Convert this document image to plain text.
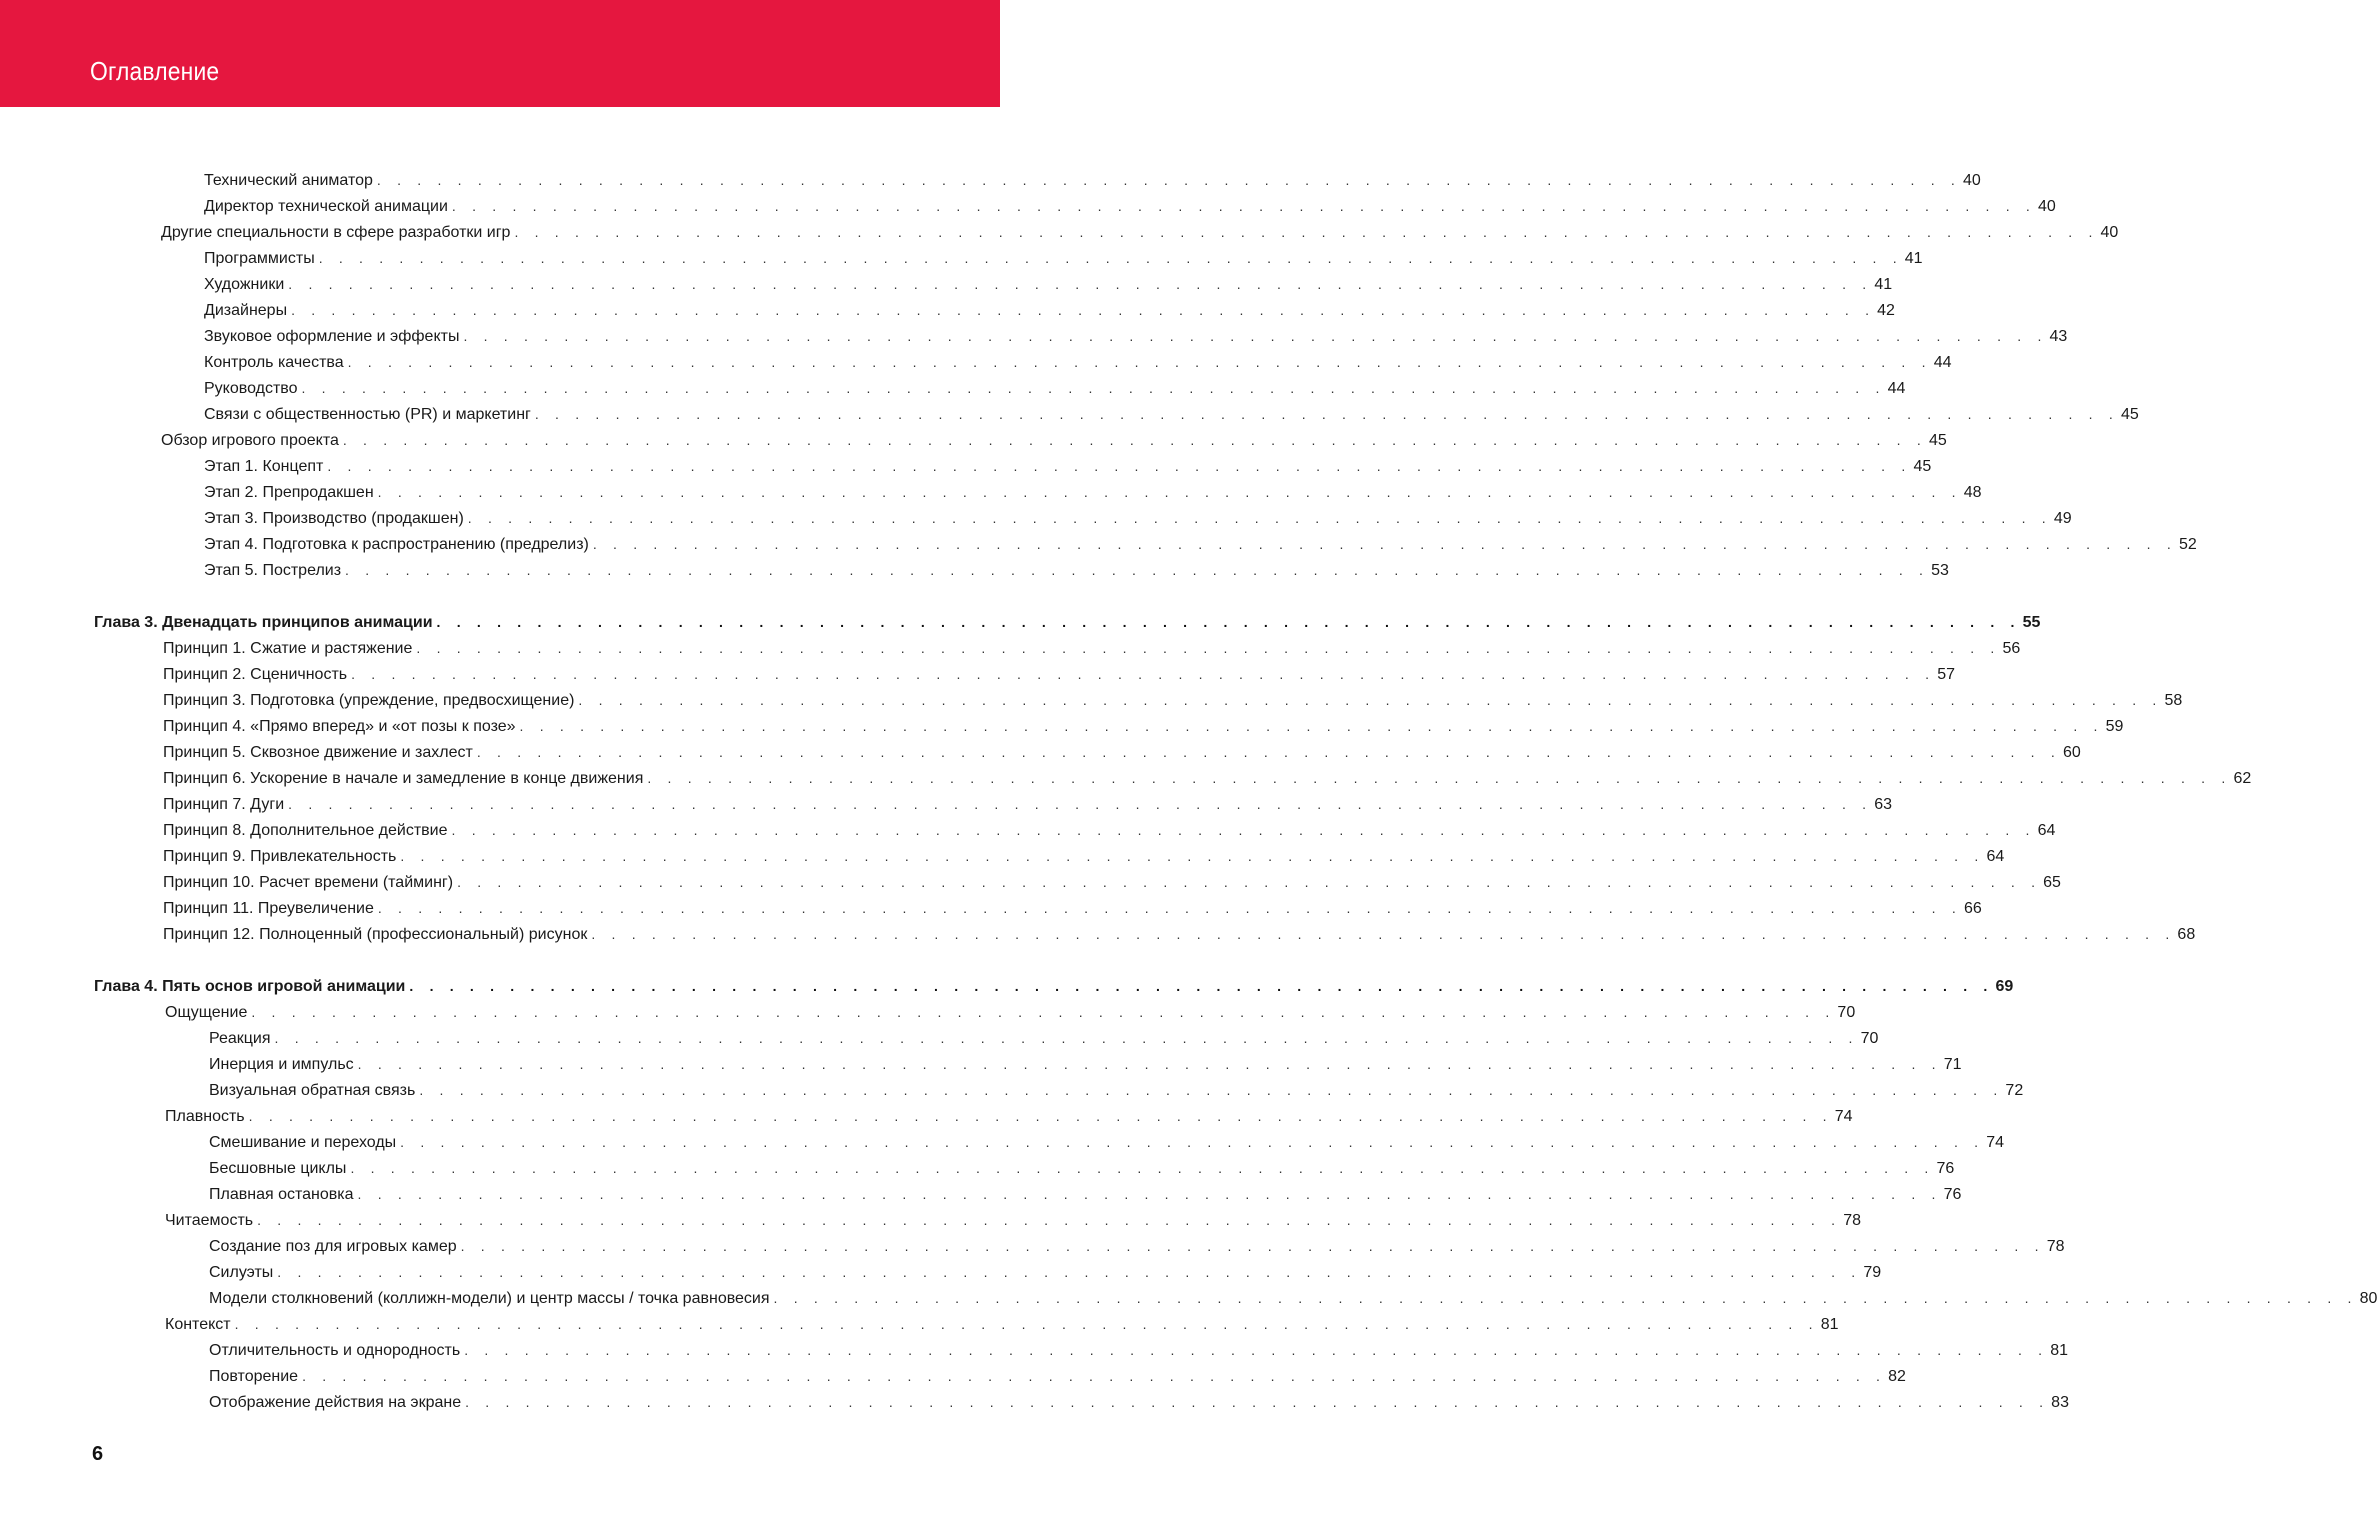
Оглавление
Технический аниматор . . . . . . . . . . . . . . . . . . . . . . . . . . . . . . . . . . . . . . . . . . . . . . . . . . . . . . . . . . . . . . . . . . . . . . . . . . . . . . . 40
Директор технической анимации . . . . . . . . . . . . . . . . . . . . . . . . . . . . . . . . . . . . . . . . . . . . . . . . . . . . . . . . . . . . . . . . . . . . . . . . . . . . . . . 40
Другие специальности в сфере разработки игр . . . . . . . . . . . . . . . . . . . . . . . . . . . . . . . . . . . . . . . . . . . . . . . . . . . . . . . . . . . . . . . . . . . . . . . . . . . . . . . 40
Программисты . . . . . . . . . . . . . . . . . . . . . . . . . . . . . . . . . . . . . . . . . . . . . . . . . . . . . . . . . . . . . . . . . . . . . . . . . . . . . . . 41
Художники . . . . . . . . . . . . . . . . . . . . . . . . . . . . . . . . . . . . . . . . . . . . . . . . . . . . . . . . . . . . . . . . . . . . . . . . . . . . . . . 41
Дизайнеры . . . . . . . . . . . . . . . . . . . . . . . . . . . . . . . . . . . . . . . . . . . . . . . . . . . . . . . . . . . . . . . . . . . . . . . . . . . . . . . 42
Звуковое оформление и эффекты . . . . . . . . . . . . . . . . . . . . . . . . . . . . . . . . . . . . . . . . . . . . . . . . . . . . . . . . . . . . . . . . . . . . . . . . . . . . . . . 43
Контроль качества . . . . . . . . . . . . . . . . . . . . . . . . . . . . . . . . . . . . . . . . . . . . . . . . . . . . . . . . . . . . . . . . . . . . . . . . . . . . . . . 44
Руководство . . . . . . . . . . . . . . . . . . . . . . . . . . . . . . . . . . . . . . . . . . . . . . . . . . . . . . . . . . . . . . . . . . . . . . . . . . . . . . . 44
Связи с общественностью (PR) и маркетинг . . . . . . . . . . . . . . . . . . . . . . . . . . . . . . . . . . . . . . . . . . . . . . . . . . . . . . . . . . . . . . . . . . . . . . . . . . . . . . . 45
Обзор игрового проекта . . . . . . . . . . . . . . . . . . . . . . . . . . . . . . . . . . . . . . . . . . . . . . . . . . . . . . . . . . . . . . . . . . . . . . . . . . . . . . . 45
Этап 1. Концепт . . . . . . . . . . . . . . . . . . . . . . . . . . . . . . . . . . . . . . . . . . . . . . . . . . . . . . . . . . . . . . . . . . . . . . . . . . . . . . . 45
Этап 2. Препродакшен . . . . . . . . . . . . . . . . . . . . . . . . . . . . . . . . . . . . . . . . . . . . . . . . . . . . . . . . . . . . . . . . . . . . . . . . . . . . . . . 48
Этап 3. Производство (продакшен) . . . . . . . . . . . . . . . . . . . . . . . . . . . . . . . . . . . . . . . . . . . . . . . . . . . . . . . . . . . . . . . . . . . . . . . . . . . . . . . 49
Этап 4. Подготовка к распространению (предрелиз) . . . . . . . . . . . . . . . . . . . . . . . . . . . . . . . . . . . . . . . . . . . . . . . . . . . . . . . . . . . . . . . . . . . . . . . . . . . . . . . 52
Этап 5. Пострелиз . . . . . . . . . . . . . . . . . . . . . . . . . . . . . . . . . . . . . . . . . . . . . . . . . . . . . . . . . . . . . . . . . . . . . . . . . . . . . . . 53
Глава 3. Двенадцать принципов анимации . . . . . . . . . . . . . . . . . . . . . . . . . . . . . . . . . . . . . . . . . . . . . . . . . . . . . . . . . . . . . . . . . . . . . . . . . . . . . . . 55
Принцип 1. Сжатие и растяжение . . . . . . . . . . . . . . . . . . . . . . . . . . . . . . . . . . . . . . . . . . . . . . . . . . . . . . . . . . . . . . . . . . . . . . . . . . . . . . . 56
Принцип 2. Сценичность . . . . . . . . . . . . . . . . . . . . . . . . . . . . . . . . . . . . . . . . . . . . . . . . . . . . . . . . . . . . . . . . . . . . . . . . . . . . . . . 57
Принцип 3. Подготовка (упреждение, предвосхищение) . . . . . . . . . . . . . . . . . . . . . . . . . . . . . . . . . . . . . . . . . . . . . . . . . . . . . . . . . . . . . . . . . . . . . . . . . . . . . . . 58
Принцип 4. «Прямо вперед» и «от позы к позе» . . . . . . . . . . . . . . . . . . . . . . . . . . . . . . . . . . . . . . . . . . . . . . . . . . . . . . . . . . . . . . . . . . . . . . . . . . . . . . . 59
Принцип 5. Сквозное движение и захлест . . . . . . . . . . . . . . . . . . . . . . . . . . . . . . . . . . . . . . . . . . . . . . . . . . . . . . . . . . . . . . . . . . . . . . . . . . . . . . . 60
Принцип 6. Ускорение в начале и замедление в конце движения . . . . . . . . . . . . . . . . . . . . . . . . . . . . . . . . . . . . . . . . . . . . . . . . . . . . . . . . . . . . . . . . . . . . . . . . . . . . . . . 62
Принцип 7. Дуги . . . . . . . . . . . . . . . . . . . . . . . . . . . . . . . . . . . . . . . . . . . . . . . . . . . . . . . . . . . . . . . . . . . . . . . . . . . . . . . 63
Принцип 8. Дополнительное действие . . . . . . . . . . . . . . . . . . . . . . . . . . . . . . . . . . . . . . . . . . . . . . . . . . . . . . . . . . . . . . . . . . . . . . . . . . . . . . . 64
Принцип 9. Привлекательность . . . . . . . . . . . . . . . . . . . . . . . . . . . . . . . . . . . . . . . . . . . . . . . . . . . . . . . . . . . . . . . . . . . . . . . . . . . . . . . 64
Принцип 10. Расчет времени (тайминг) . . . . . . . . . . . . . . . . . . . . . . . . . . . . . . . . . . . . . . . . . . . . . . . . . . . . . . . . . . . . . . . . . . . . . . . . . . . . . . . 65
Принцип 11. Преувеличение . . . . . . . . . . . . . . . . . . . . . . . . . . . . . . . . . . . . . . . . . . . . . . . . . . . . . . . . . . . . . . . . . . . . . . . . . . . . . . . 66
Принцип 12. Полноценный (профессиональный) рисунок . . . . . . . . . . . . . . . . . . . . . . . . . . . . . . . . . . . . . . . . . . . . . . . . . . . . . . . . . . . . . . . . . . . . . . . . . . . . . . . 68
Глава 4. Пять основ игровой анимации . . . . . . . . . . . . . . . . . . . . . . . . . . . . . . . . . . . . . . . . . . . . . . . . . . . . . . . . . . . . . . . . . . . . . . . . . . . . . . . 69
Ощущение . . . . . . . . . . . . . . . . . . . . . . . . . . . . . . . . . . . . . . . . . . . . . . . . . . . . . . . . . . . . . . . . . . . . . . . . . . . . . . . 70
Реакция . . . . . . . . . . . . . . . . . . . . . . . . . . . . . . . . . . . . . . . . . . . . . . . . . . . . . . . . . . . . . . . . . . . . . . . . . . . . . . . 70
Инерция и импульс . . . . . . . . . . . . . . . . . . . . . . . . . . . . . . . . . . . . . . . . . . . . . . . . . . . . . . . . . . . . . . . . . . . . . . . . . . . . . . . 71
Визуальная обратная связь . . . . . . . . . . . . . . . . . . . . . . . . . . . . . . . . . . . . . . . . . . . . . . . . . . . . . . . . . . . . . . . . . . . . . . . . . . . . . . . 72
Плавность . . . . . . . . . . . . . . . . . . . . . . . . . . . . . . . . . . . . . . . . . . . . . . . . . . . . . . . . . . . . . . . . . . . . . . . . . . . . . . . 74
Смешивание и переходы . . . . . . . . . . . . . . . . . . . . . . . . . . . . . . . . . . . . . . . . . . . . . . . . . . . . . . . . . . . . . . . . . . . . . . . . . . . . . . . 74
Бесшовные циклы . . . . . . . . . . . . . . . . . . . . . . . . . . . . . . . . . . . . . . . . . . . . . . . . . . . . . . . . . . . . . . . . . . . . . . . . . . . . . . . 76
Плавная остановка . . . . . . . . . . . . . . . . . . . . . . . . . . . . . . . . . . . . . . . . . . . . . . . . . . . . . . . . . . . . . . . . . . . . . . . . . . . . . . . 76
Читаемость . . . . . . . . . . . . . . . . . . . . . . . . . . . . . . . . . . . . . . . . . . . . . . . . . . . . . . . . . . . . . . . . . . . . . . . . . . . . . . . 78
Создание поз для игровых камер . . . . . . . . . . . . . . . . . . . . . . . . . . . . . . . . . . . . . . . . . . . . . . . . . . . . . . . . . . . . . . . . . . . . . . . . . . . . . . . 78
Силуэты . . . . . . . . . . . . . . . . . . . . . . . . . . . . . . . . . . . . . . . . . . . . . . . . . . . . . . . . . . . . . . . . . . . . . . . . . . . . . . . 79
Модели столкновений (коллижн-модели) и центр массы / точка равновесия . . . . . . . . . . . . . . . . . . . . . . . . . . . . . . . . . . . . . . . . . . . . . . . . . . . . . . . . . . . . . . . . . . . . . . . . . . . . . . . 80
Контекст . . . . . . . . . . . . . . . . . . . . . . . . . . . . . . . . . . . . . . . . . . . . . . . . . . . . . . . . . . . . . . . . . . . . . . . . . . . . . . . 81
Отличительность и однородность . . . . . . . . . . . . . . . . . . . . . . . . . . . . . . . . . . . . . . . . . . . . . . . . . . . . . . . . . . . . . . . . . . . . . . . . . . . . . . . 81
Повторение . . . . . . . . . . . . . . . . . . . . . . . . . . . . . . . . . . . . . . . . . . . . . . . . . . . . . . . . . . . . . . . . . . . . . . . . . . . . . . . 82
Отображение действия на экране . . . . . . . . . . . . . . . . . . . . . . . . . . . . . . . . . . . . . . . . . . . . . . . . . . . . . . . . . . . . . . . . . . . . . . . . . . . . . . . 83
6
